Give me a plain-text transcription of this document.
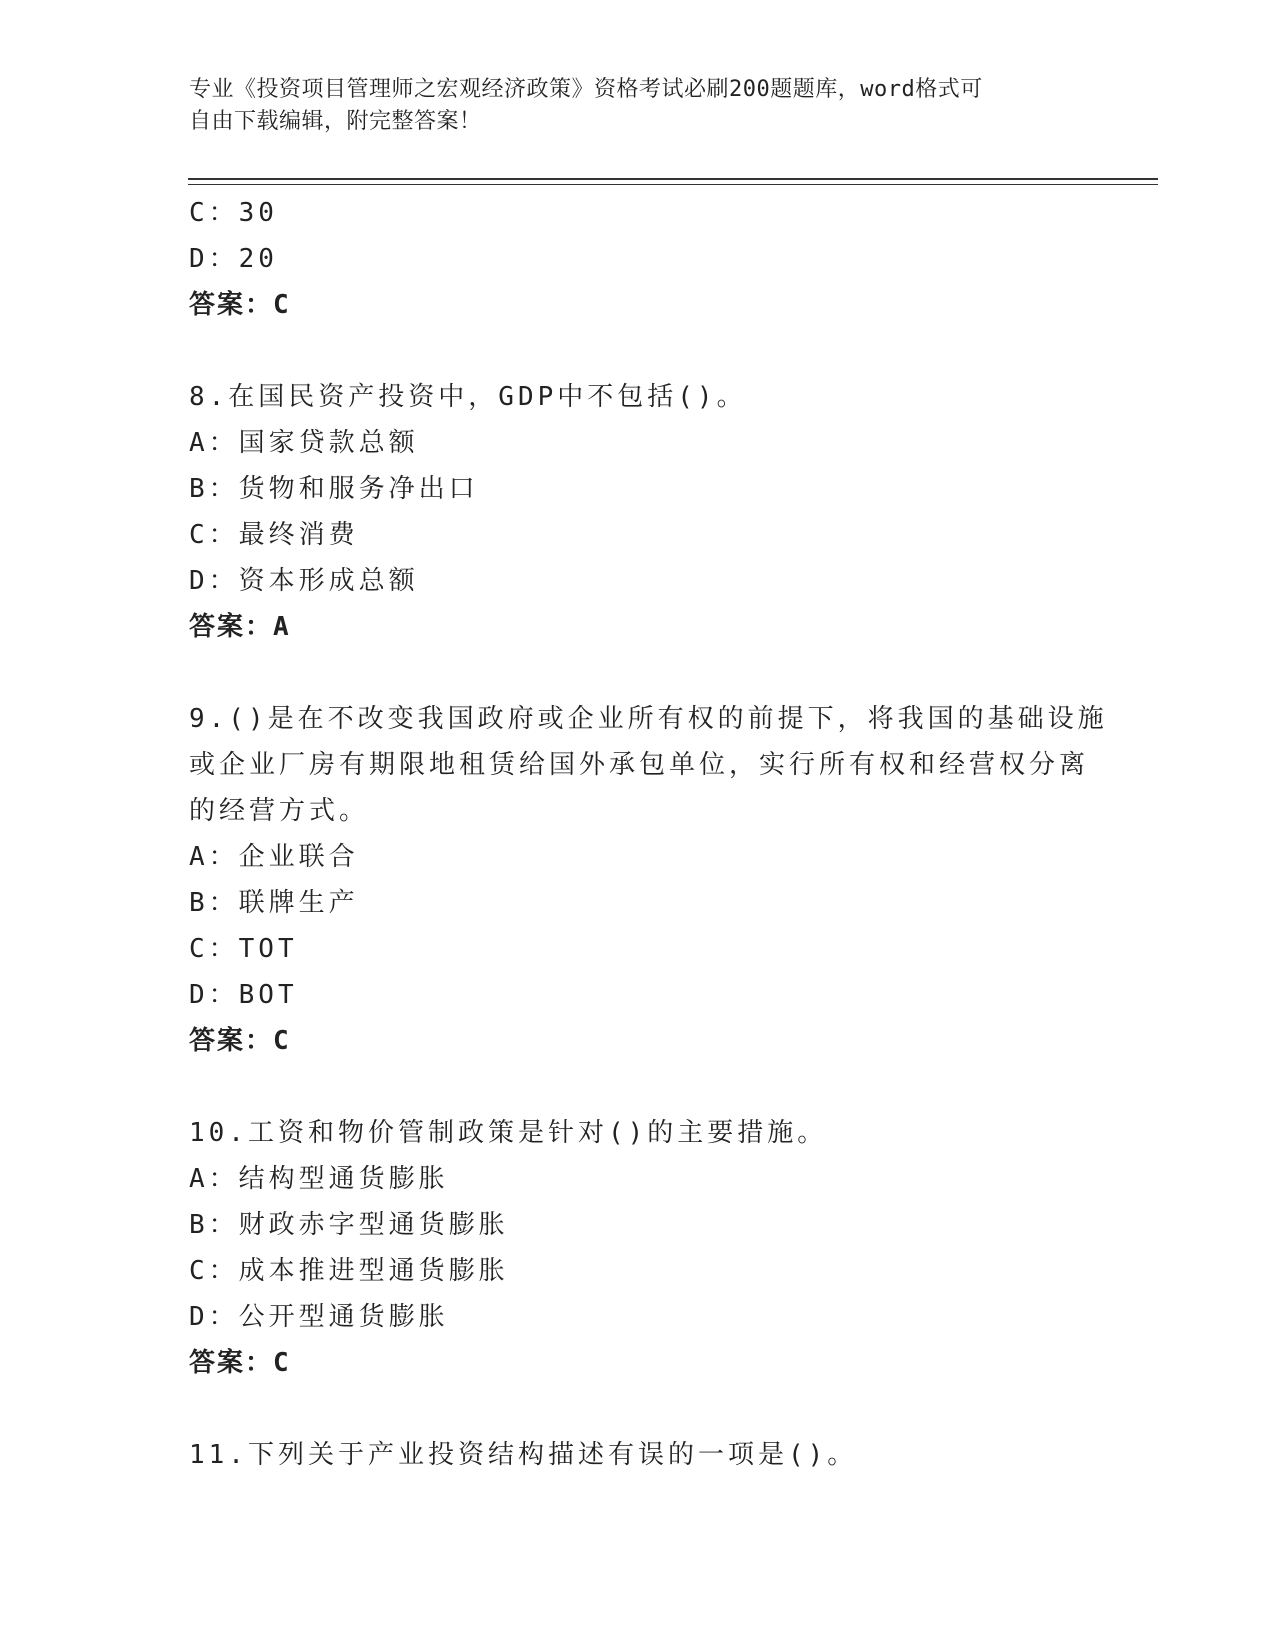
专业《投资项目管理师之宏观经济政策》资格考试必刷200题题库，word格式可
自由下载编辑，附完整答案！
C：30
D：20
答案：C
8.在国民资产投资中，GDP中不包括()。
A：国家贷款总额
B：货物和服务净出口
C：最终消费
D：资本形成总额
答案：A
9.()是在不改变我国政府或企业所有权的前提下，将我国的基础设施
或企业厂房有期限地租赁给国外承包单位，实行所有权和经营权分离
的经营方式。
A：企业联合
B：联牌生产
C：TOT
D：BOT
答案：C
10.工资和物价管制政策是针对()的主要措施。
A：结构型通货膨胀
B：财政赤字型通货膨胀
C：成本推进型通货膨胀
D：公开型通货膨胀
答案：C
11.下列关于产业投资结构描述有误的一项是()。
